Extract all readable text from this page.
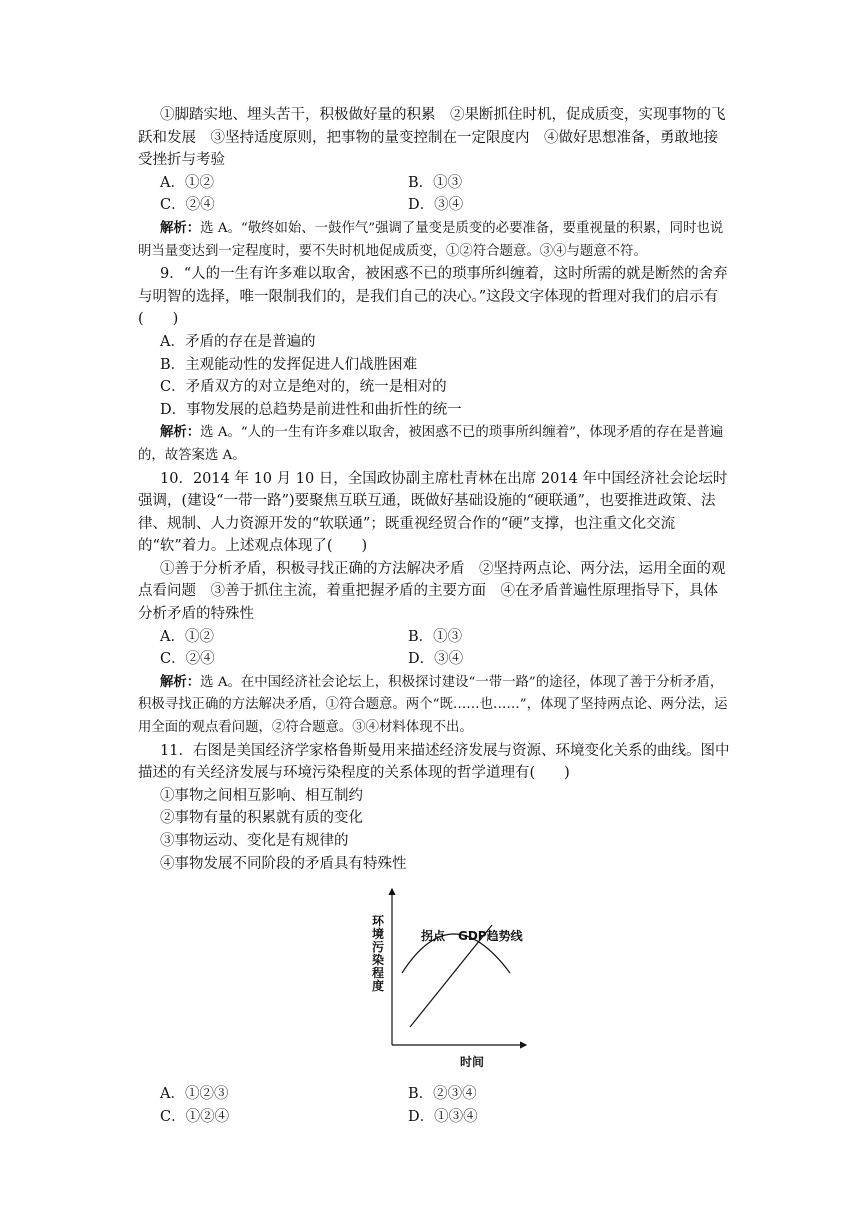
①脚踏实地、埋头苦干，积极做好量的积累　②果断抓住时机，促成质变，实现事物的飞跃和发展　③坚持适度原则，把事物的量变控制在一定限度内　④做好思想准备，勇敢地接受挫折与考验

A．①②	B．①③
C．②④	D．③④

解析：选 A。“敬终如始、一鼓作气”强调了量变是质变的必要准备，要重视量的积累，同时也说明当量变达到一定程度时，要不失时机地促成质变，①②符合题意。③④与题意不符。

9．“人的一生有许多难以取舍，被困惑不已的琐事所纠缠着，这时所需的就是断然的舍弃与明智的选择，唯一限制我们的，是我们自己的决心。”这段文字体现的哲理对我们的启示有(　　)

A．矛盾的存在是普遍的

B．主观能动性的发挥促进人们战胜困难

C．矛盾双方的对立是绝对的，统一是相对的

D．事物发展的总趋势是前进性和曲折性的统一

解析：选 A。“人的一生有许多难以取舍，被困惑不已的琐事所纠缠着”，体现矛盾的存在是普遍的，故答案选 A。

10．2014 年 10 月 10 日，全国政协副主席杜青林在出席 2014 年中国经济社会论坛时强调，(建设“一带一路”)要聚焦互联互通，既做好基础设施的“硬联通”，也要推进政策、法律、规制、人力资源开发的“软联通”；既重视经贸合作的“硬”支撑，也注重文化交流的“软”着力。上述观点体现了(　　)

①善于分析矛盾，积极寻找正确的方法解决矛盾　②坚持两点论、两分法，运用全面的观点看问题　③善于抓住主流，着重把握矛盾的主要方面　④在矛盾普遍性原理指导下，具体分析矛盾的特殊性

A．①②	B．①③
C．②④	D．③④

解析：选 A。在中国经济社会论坛上，积极探讨建设“一带一路”的途径，体现了善于分析矛盾，积极寻找正确的方法解决矛盾，①符合题意。两个“既……也……”，体现了坚持两点论、两分法，运用全面的观点看问题，②符合题意。③④材料体现不出。

11．右图是美国经济学家格鲁斯曼用来描述经济发展与资源、环境变化关系的曲线。图中描述的有关经济发展与环境污染程度的关系体现的哲学道理有(　　)

①事物之间相互影响、相互制约

②事物有量的积累就有质的变化

③事物运动、变化是有规律的

④事物发展不同阶段的矛盾具有特殊性

环境污染程度
拐点 GDP趋势线
时间
A．①②③	B．②③④
C．①②④	D．①③④
